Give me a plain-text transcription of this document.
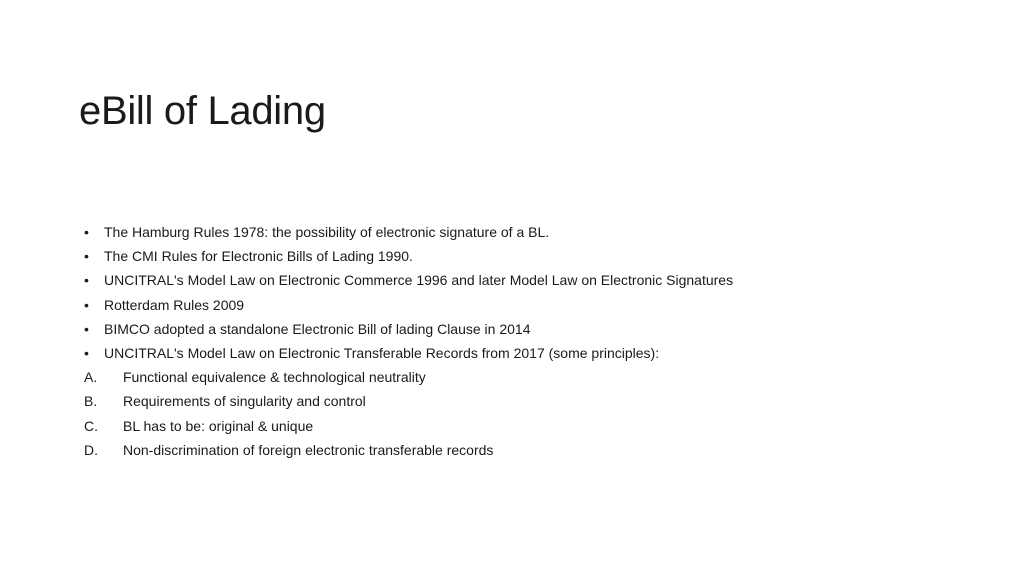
eBill of Lading
•	The Hamburg Rules 1978: the possibility of electronic signature of a BL.
•	The CMI Rules for Electronic Bills of Lading 1990.
•	UNCITRAL's Model Law on Electronic Commerce 1996 and later Model Law on Electronic Signatures
•	Rotterdam Rules 2009
•	BIMCO adopted a standalone Electronic Bill of lading Clause in 2014
•	UNCITRAL's Model Law on Electronic Transferable Records from 2017 (some principles):
A.	Functional equivalence & technological neutrality
B.	Requirements of singularity and control
C.	BL has to be: original & unique
D.	Non-discrimination of foreign electronic transferable records
